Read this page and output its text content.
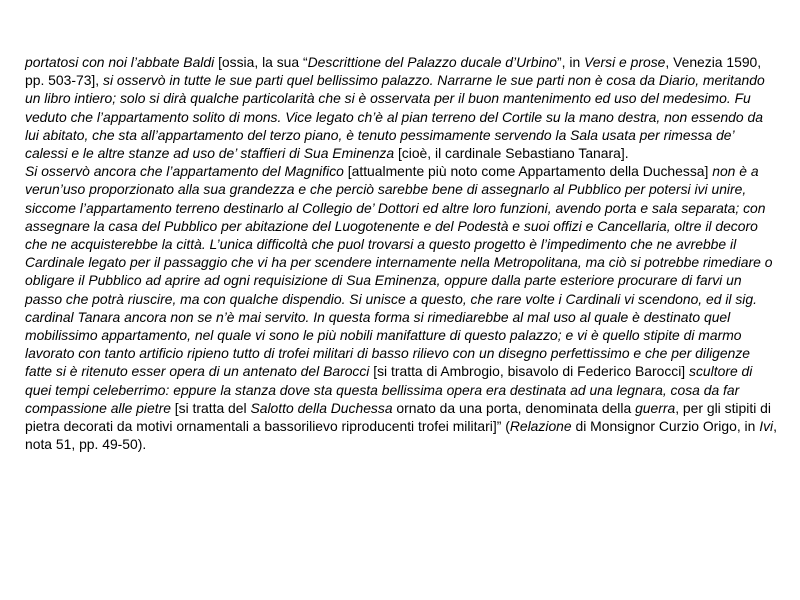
portatosi con noi l’abbate Baldi [ossia, la sua “Descrittione del Palazzo ducale d’Urbino”, in Versi e prose, Venezia 1590, pp. 503-73], si osservò in tutte le sue parti quel bellissimo palazzo. Narrarne le sue parti non è cosa da Diario, meritando un libro intiero; solo si dirà qualche particolarità che si è osservata per il buon mantenimento ed uso del medesimo. Fu veduto che l’appartamento solito di mons. Vice legato ch’è al pian terreno del Cortile su la mano destra, non essendo da lui abitato, che sta all’appartamento del terzo piano, è tenuto pessimamente servendo la Sala usata per rimessa de’ calessi e le altre stanze ad uso de’ staffieri di Sua Eminenza [cioè, il cardinale Sebastiano Tanara].

Si osservò ancora che l’appartamento del Magnifico [attualmente più noto come Appartamento della Duchessa] non è a verun’uso proporzionato alla sua grandezza e che perciò sarebbe bene di assegnarlo al Pubblico per potersi ivi unire, siccome l’appartamento terreno destinarlo al Collegio de’ Dottori ed altre loro funzioni, avendo porta e sala separata; con assegnare la casa del Pubblico per abitazione del Luogotenente e del Podestà e suoi offizi e Cancellaria, oltre il decoro che ne acquisterebbe la città. L’unica difficoltà che puol trovarsi a questo progetto è l’impedimento che ne avrebbe il Cardinale legato per il passaggio che vi ha per scendere internamente nella Metropolitana, ma ciò si potrebbe rimediare o obligare il Pubblico ad aprire ad ogni requisizione di Sua Eminenza, oppure dalla parte esteriore procurare di farvi un passo che potrà riuscire, ma con qualche dispendio. Si unisce a questo, che rare volte i Cardinali vi scendono, ed il sig. cardinal Tanara ancora non se n’è mai servito. In questa forma si rimediarebbe al mal uso al quale è destinato quel mobilissimo appartamento, nel quale vi sono le più nobili manifatture di questo palazzo; e vi è quello stipite di marmo lavorato con tanto artificio ripieno tutto di trofei militari di basso rilievo con un disegno perfettissimo e che per diligenze fatte si è ritenuto esser opera di un antenato del Barocci [si tratta di Ambrogio, bisavolo di Federico Barocci] scultore di quei tempi celeberrimo: eppure la stanza dove sta questa bellissima opera era destinata ad una legnara, cosa da far compassione alle pietre [si tratta del Salotto della Duchessa ornato da una porta, denominata della guerra, per gli stipiti di pietra decorati da motivi ornamentali a bassorilievo riproducenti trofei militari]” (Relazione di Monsignor Curzio Origo, in Ivi, nota 51, pp. 49-50).
